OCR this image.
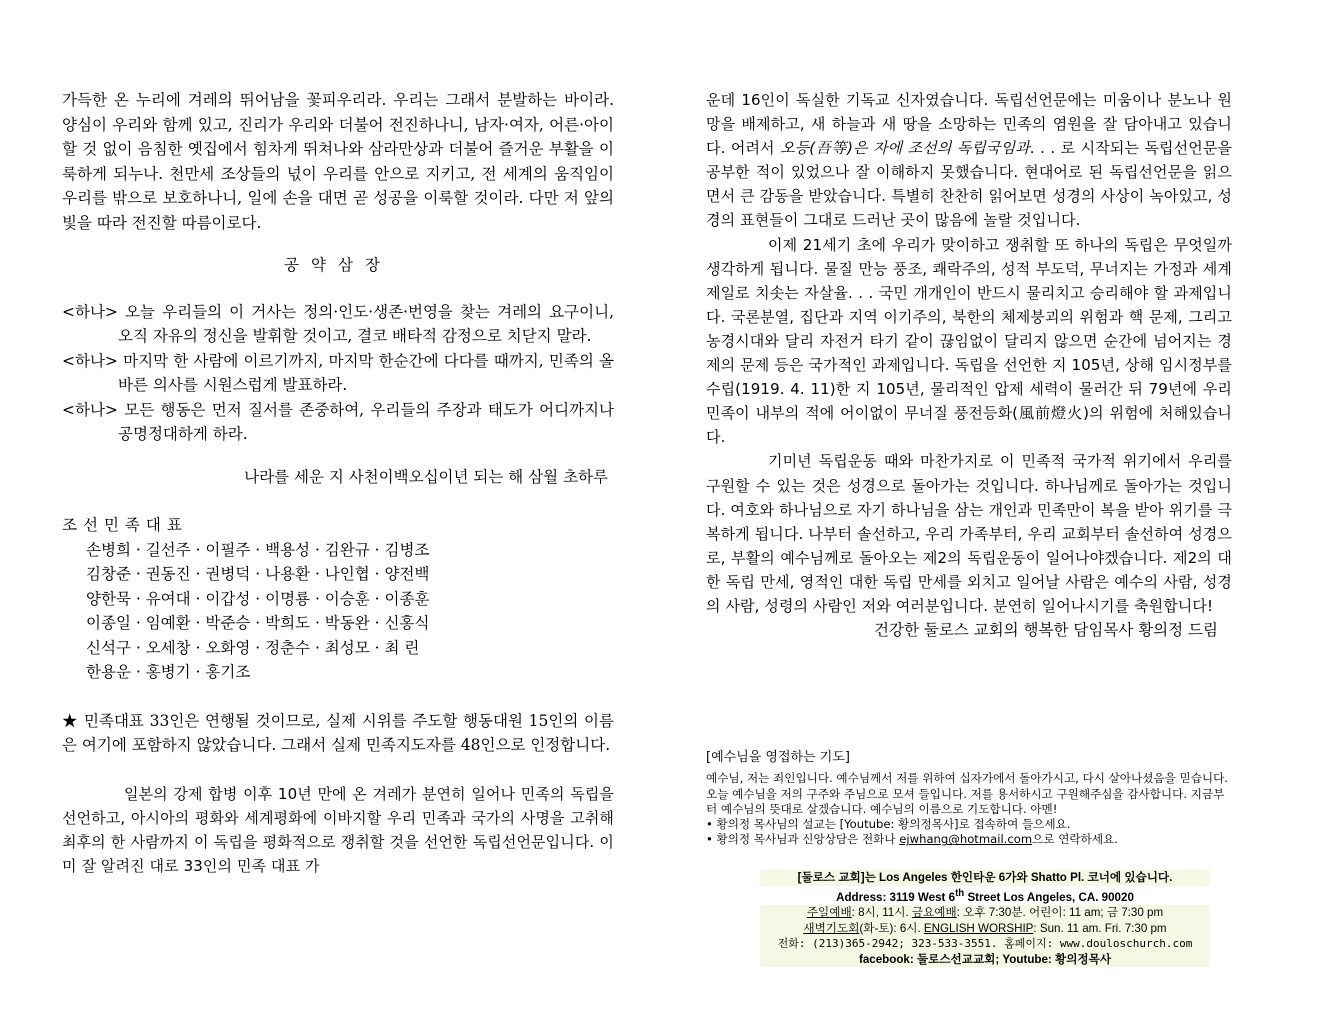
가득한 온 누리에 겨레의 뛰어남을 꽃피우리라. 우리는 그래서 분발하는 바이라. 양심이 우리와 함께 있고, 진리가 우리와 더불어 전진하나니, 남자·여자, 어른·아이 할 것 없이 음침한 옛집에서 힘차게 뛰쳐나와 삼라만상과 더불어 즐거운 부활을 이룩하게 되누나. 천만세 조상들의 넋이 우리를 안으로 지키고, 전 세계의 움직임이 우리를 밖으로 보호하나니, 일에 손을 대면 곧 성공을 이룩할 것이라. 다만 저 앞의 빛을 따라 전진할 따름이로다.

공약삼장

<하나> 오늘 우리들의 이 거사는 정의·인도·생존·번영을 찾는 겨레의 요구이니, 오직 자유의 정신을 발휘할 것이고, 결코 배타적 감정으로 치닫지 말라.

<하나> 마지막 한 사람에 이르기까지, 마지막 한순간에 다다를 때까지, 민족의 올바른 의사를 시원스럽게 발표하라.

<하나> 모든 행동은 먼저 질서를 존중하여, 우리들의 주장과 태도가 어디까지나 공명정대하게 하라.

나라를 세운 지 사천이백오십이년 되는 해 삼월 초하루

조선민족대표

손병희 · 길선주 · 이필주 · 백용성 · 김완규 · 김병조

김창준 · 권동진 · 권병덕 · 나용환 · 나인협 · 양전백

양한묵 · 유여대 · 이갑성 · 이명룡 · 이승훈 · 이종훈

이종일 · 임예환 · 박준승 · 박희도 · 박동완 · 신홍식

신석구 · 오세창 · 오화영 · 정춘수 · 최성모 · 최 린

한용운 · 홍병기 · 홍기조

★ 민족대표 33인은 연행될 것이므로, 실제 시위를 주도할 행동대원 15인의 이름은 여기에 포함하지 않았습니다. 그래서 실제 민족지도자를 48인으로 인정합니다.

일본의 강제 합병 이후 10년 만에 온 겨레가 분연히 일어나 민족의 독립을 선언하고, 아시아의 평화와 세계평화에 이바지할 우리 민족과 국가의 사명을 고취해 최후의 한 사람까지 이 독립을 평화적으로 쟁취할 것을 선언한 독립선언문입니다. 이미 잘 알려진 대로 33인의 민족 대표 가

운데 16인이 독실한 기독교 신자였습니다. 독립선언문에는 미움이나 분노나 원망을 배제하고, 새 하늘과 새 땅을 소망하는 민족의 염원을 잘 담아내고 있습니다. 어려서 오등(吾等)은 자에 조선의 독립국임과. . . 로 시작되는 독립선언문을 공부한 적이 있었으나 잘 이해하지 못했습니다. 현대어로 된 독립선언문을 읽으면서 큰 감동을 받았습니다. 특별히 찬찬히 읽어보면 성경의 사상이 녹아있고, 성경의 표현들이 그대로 드러난 곳이 많음에 놀랄 것입니다.

이제 21세기 초에 우리가 맞이하고 쟁취할 또 하나의 독립은 무엇일까 생각하게 됩니다. 물질 만능 풍조, 쾌락주의, 성적 부도덕, 무너지는 가정과 세계 제일로 치솟는 자살율. . . 국민 개개인이 반드시 물리치고 승리해야 할 과제입니다. 국론분열, 집단과 지역 이기주의, 북한의 체제붕괴의 위험과 핵 문제, 그리고 농경시대와 달리 자전거 타기 같이 끊임없이 달리지 않으면 순간에 넘어지는 경제의 문제 등은 국가적인 과제입니다. 독립을 선언한 지 105년, 상해 임시정부를 수립(1919. 4. 11)한 지 105년, 물리적인 압제 세력이 물러간 뒤 79년에 우리 민족이 내부의 적에 어이없이 무너질 풍전등화(風前燈火)의 위험에 처해있습니다.

기미년 독립운동 때와 마찬가지로 이 민족적 국가적 위기에서 우리를 구원할 수 있는 것은 성경으로 돌아가는 것입니다. 하나님께로 돌아가는 것입니다. 여호와 하나님으로 자기 하나님을 삼는 개인과 민족만이 복을 받아 위기를 극복하게 됩니다. 나부터 솔선하고, 우리 가족부터, 우리 교회부터 솔선하여 성경으로, 부활의 예수님께로 돌아오는 제2의 독립운동이 일어나야겠습니다. 제2의 대한 독립 만세, 영적인 대한 독립 만세를 외치고 일어날 사람은 예수의 사람, 성경의 사람, 성령의 사람인 저와 여러분입니다. 분연히 일어나시기를 축원합니다!

건강한 둘로스 교회의 행복한 담임목사 황의정 드림

[예수님을 영접하는 기도]
예수님, 저는 죄인입니다. 예수님께서 저를 위하여 십자가에서 돌아가시고, 다시 살아나셨음을 믿습니다. 오늘 예수님을 저의 구주와 주님으로 모셔 들입니다. 저를 용서하시고 구원해주심을 감사합니다. 지금부터 예수님의 뜻대로 살겠습니다. 예수님의 이름으로 기도합니다. 아멘!
• 황의정 목사님의 설교는 [Youtube: 황의정목사]로 접속하여 들으세요.
• 황의정 목사님과 신앙상담은 전화나 ejwhang@hotmail.com으로 연락하세요.
[둘로스 교회]는 Los Angeles 한인타운 6가와 Shatto Pl. 코너에 있습니다.
Address: 3119 West 6th Street Los Angeles, CA. 90020
주일예배: 8시, 11시. 금요예배: 오후 7:30분. 어린이: 11 am; 금 7:30 pm
새벽기도회(화-토): 6시. ENGLISH WORSHIP: Sun. 11 am. Fri. 7:30 pm
전화: (213)365-2942; 323-533-3551. 홈페이지: www.douloschurch.com
facebook: 둘로스선교교회; Youtube: 황의정목사
